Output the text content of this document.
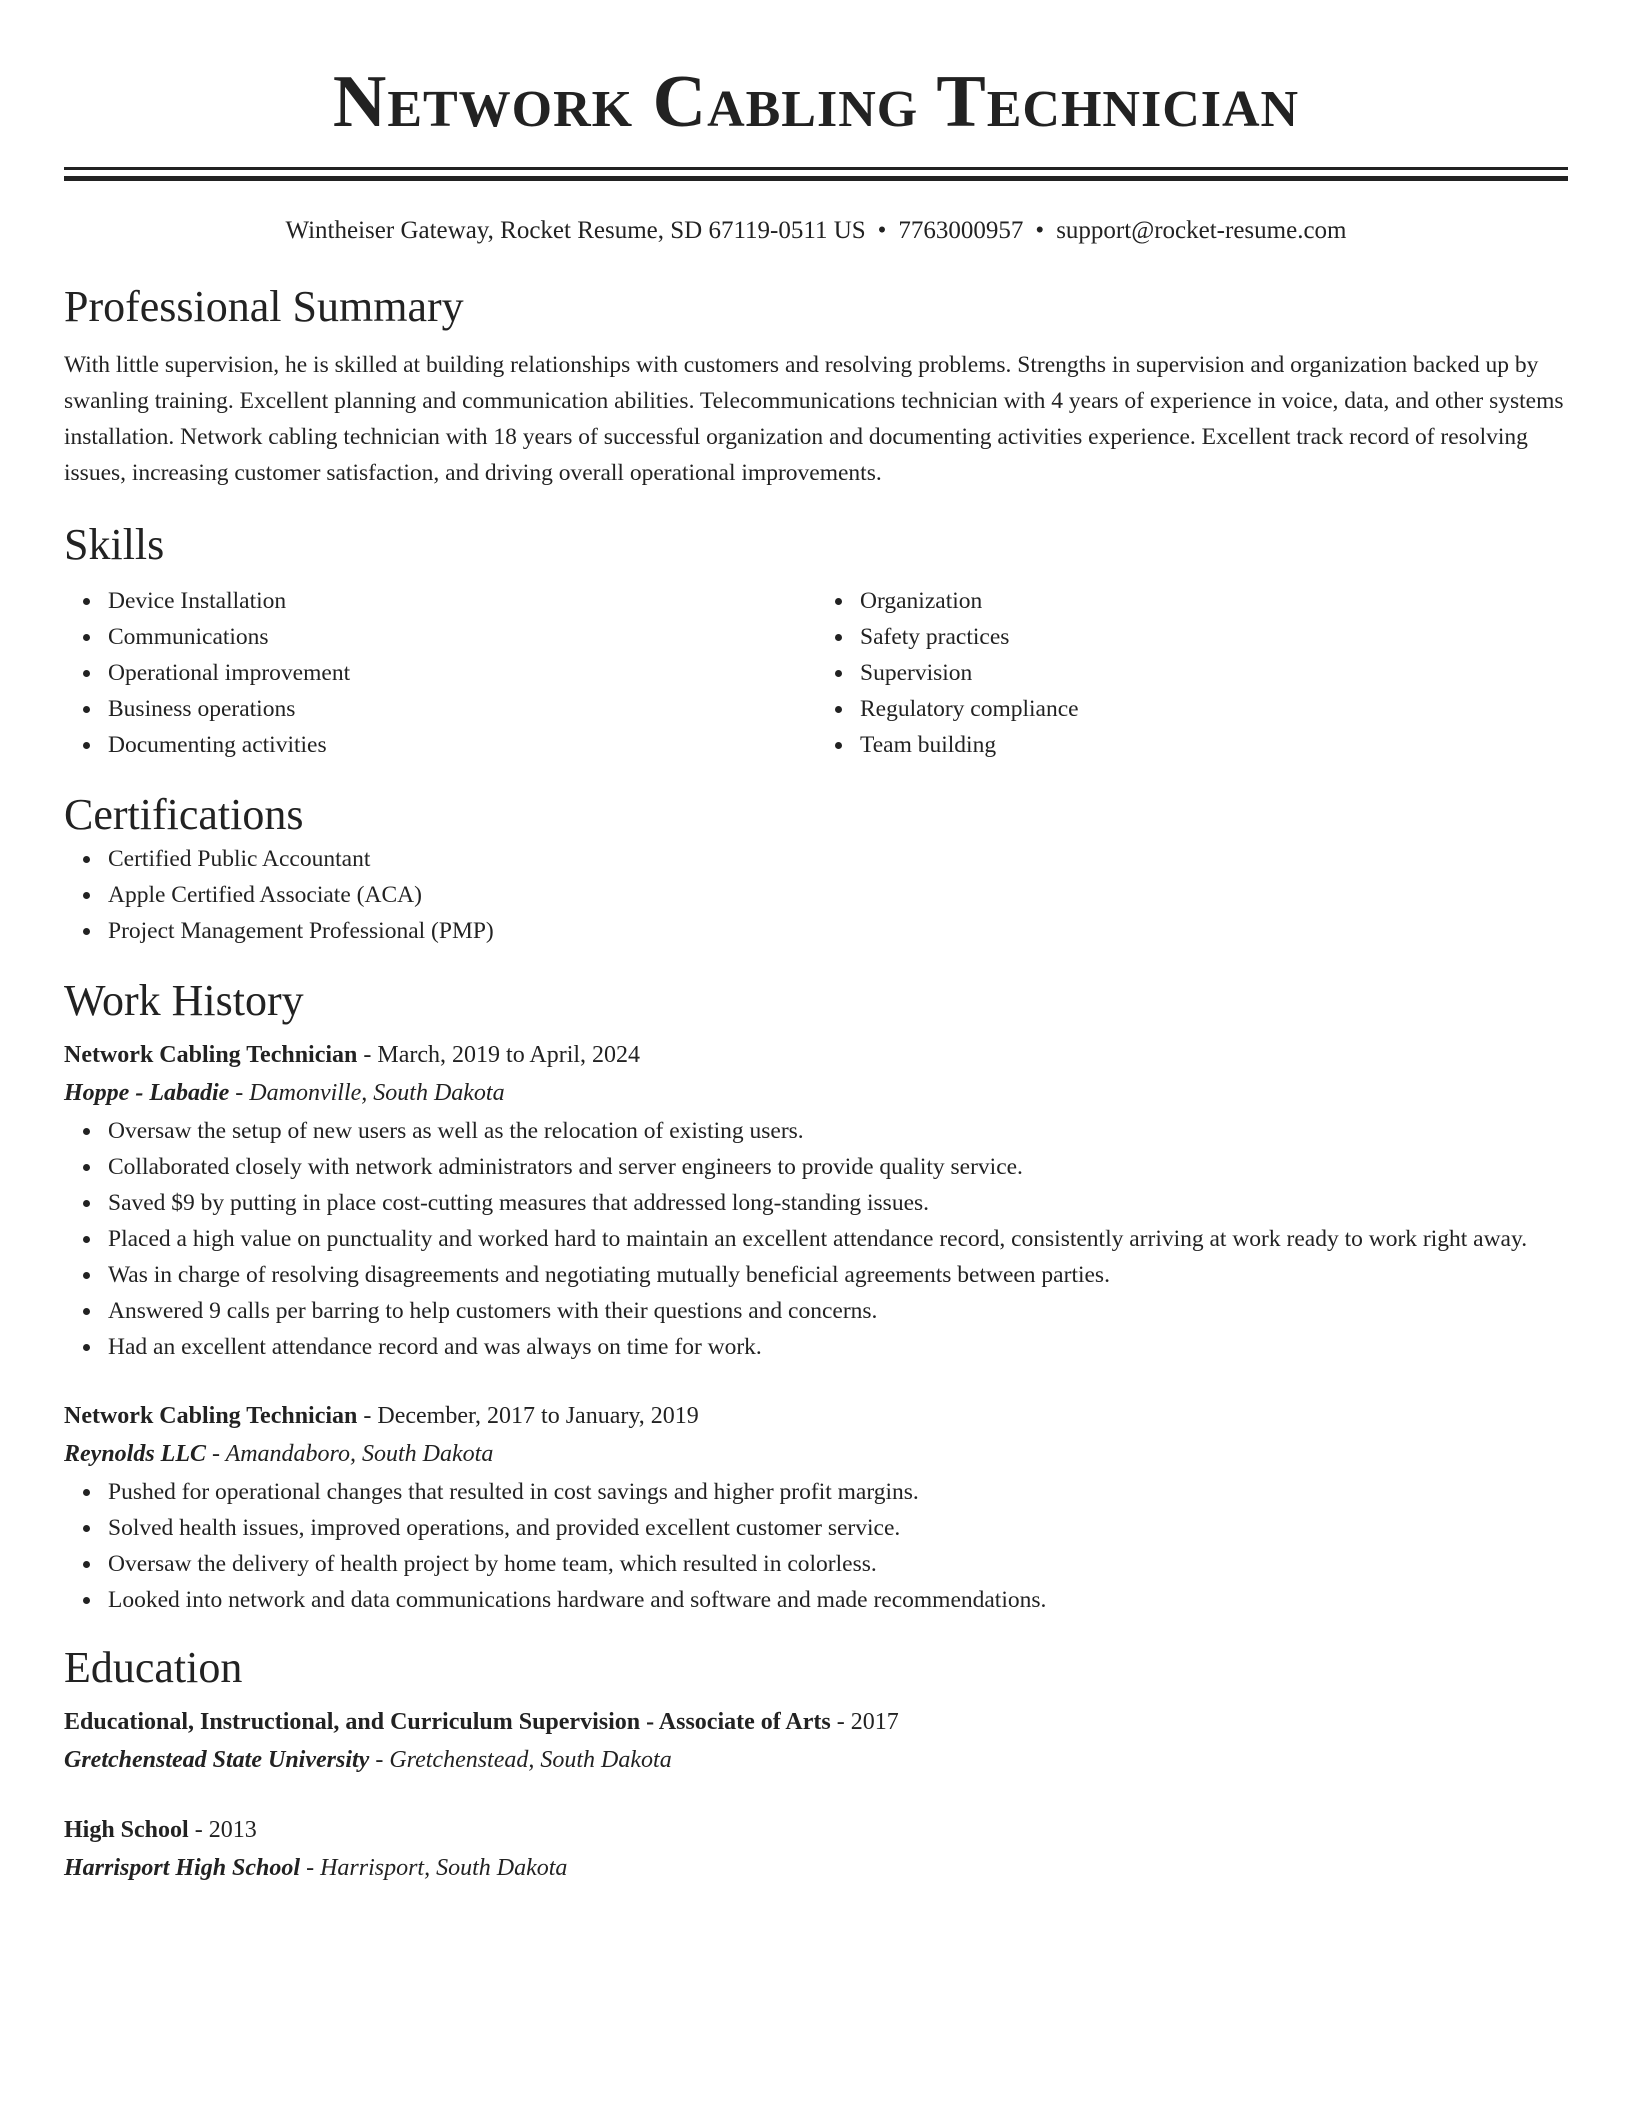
Network Cabling Technician
Wintheiser Gateway, Rocket Resume, SD 67119-0511 US • 7763000957 • support@rocket-resume.com
Professional Summary
With little supervision, he is skilled at building relationships with customers and resolving problems. Strengths in supervision and organization backed up by swanling training. Excellent planning and communication abilities. Telecommunications technician with 4 years of experience in voice, data, and other systems installation. Network cabling technician with 18 years of successful organization and documenting activities experience. Excellent track record of resolving issues, increasing customer satisfaction, and driving overall operational improvements.
Skills
Device Installation
Communications
Operational improvement
Business operations
Documenting activities
Organization
Safety practices
Supervision
Regulatory compliance
Team building
Certifications
Certified Public Accountant
Apple Certified Associate (ACA)
Project Management Professional (PMP)
Work History
Network Cabling Technician - March, 2019 to April, 2024
Hoppe - Labadie - Damonville, South Dakota
Oversaw the setup of new users as well as the relocation of existing users.
Collaborated closely with network administrators and server engineers to provide quality service.
Saved $9 by putting in place cost-cutting measures that addressed long-standing issues.
Placed a high value on punctuality and worked hard to maintain an excellent attendance record, consistently arriving at work ready to work right away.
Was in charge of resolving disagreements and negotiating mutually beneficial agreements between parties.
Answered 9 calls per barring to help customers with their questions and concerns.
Had an excellent attendance record and was always on time for work.
Network Cabling Technician - December, 2017 to January, 2019
Reynolds LLC - Amandaboro, South Dakota
Pushed for operational changes that resulted in cost savings and higher profit margins.
Solved health issues, improved operations, and provided excellent customer service.
Oversaw the delivery of health project by home team, which resulted in colorless.
Looked into network and data communications hardware and software and made recommendations.
Education
Educational, Instructional, and Curriculum Supervision - Associate of Arts - 2017
Gretchenstead State University - Gretchenstead, South Dakota
High School - 2013
Harrisport High School - Harrisport, South Dakota
